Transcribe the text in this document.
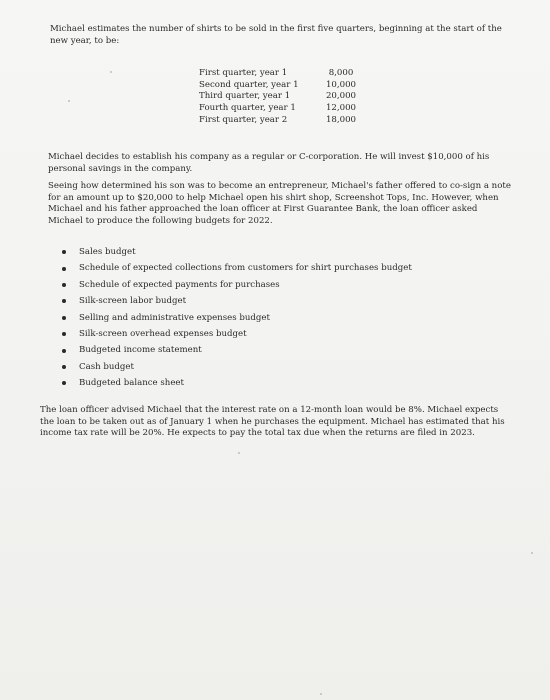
Michael estimates the number of shirts to be sold in the first five quarters, beginning at the start of the new year, to be:
First quarter, year 1	8,000
Second quarter, year 1	10,000
Third quarter, year 1	20,000
Fourth quarter, year 1	12,000
First quarter, year 2	18,000
Michael decides to establish his company as a regular or C-corporation. He will invest $10,000 of his personal savings in the company.
Seeing how determined his son was to become an entrepreneur, Michael's father offered to co-sign a note for an amount up to $20,000 to help Michael open his shirt shop, Screenshot Tops, Inc. However, when Michael and his father approached the loan officer at First Guarantee Bank, the loan officer asked Michael to produce the following budgets for 2022.
Sales budget
Schedule of expected collections from customers for shirt purchases budget
Schedule of expected payments for purchases
Silk-screen labor budget
Selling and administrative expenses budget
Silk-screen overhead expenses budget
Budgeted income statement
Cash budget
Budgeted balance sheet
The loan officer advised Michael that the interest rate on a 12-month loan would be 8%. Michael expects the loan to be taken out as of January 1 when he purchases the equipment. Michael has estimated that his income tax rate will be 20%. He expects to pay the total tax due when the returns are filed in 2023.
